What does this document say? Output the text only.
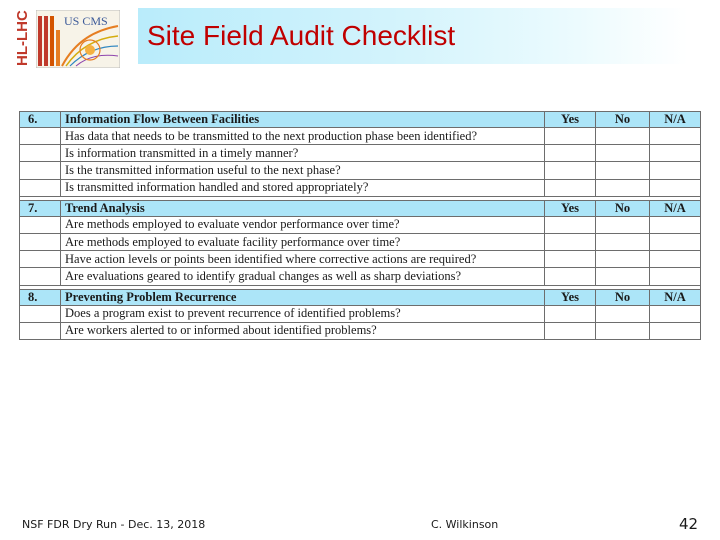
HL-LHC	US CMS Site Field Audit Checklist
6.	Information Flow Between Facilities	Yes	No	N/A
	Has data that needs to be transmitted to the next production phase been identified?			
	Is information transmitted in a timely manner?			
	Is the transmitted information useful to the next phase?			
	Is transmitted information handled and stored appropriately?			

7.	Trend Analysis	Yes	No	N/A
	Are methods employed to evaluate vendor performance over time?			
	Are methods employed to evaluate facility performance over time?			
	Have action levels or points been identified where corrective actions are required?			
	Are evaluations geared to identify gradual changes as well as sharp deviations?			

8.	Preventing Problem Recurrence	Yes	No	N/A
	Does a program exist to prevent recurrence of identified problems?			
	Are workers alerted to or informed about identified problems?			
NSF FDR Dry Run - Dec. 13, 2018	C. Wilkinson	42
